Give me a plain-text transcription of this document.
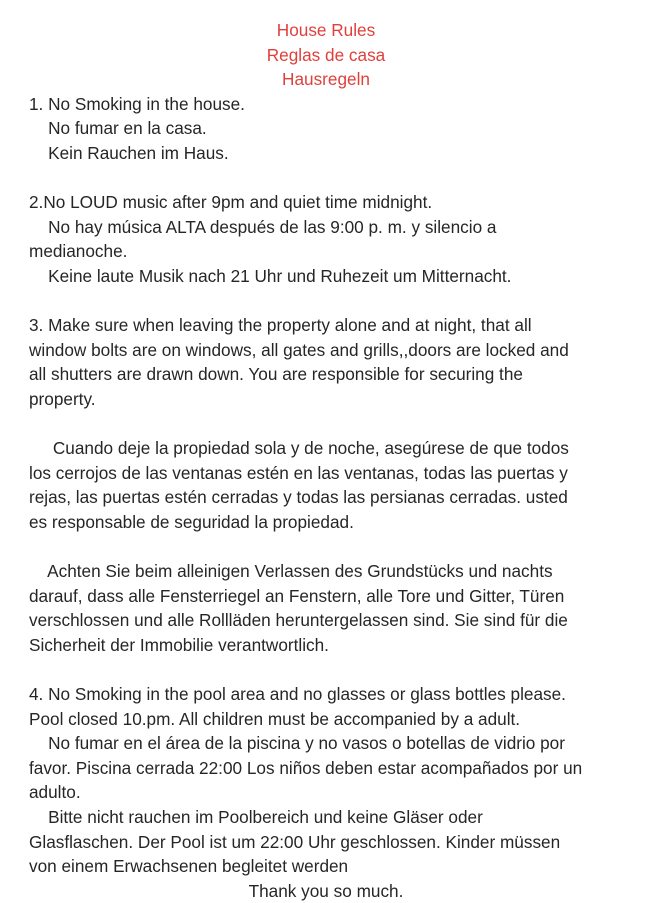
House Rules
Reglas de casa
Hausregeln
1. No Smoking in the house.
No fumar en la casa.
Kein Rauchen im Haus.
2.No LOUD music after 9pm and quiet time midnight.
No hay música ALTA después de las 9:00 p. m. y silencio a
medianoche.
Keine laute Musik nach 21 Uhr und Ruhezeit um Mitternacht.
3. Make sure when leaving the property alone and at night, that all
window bolts are on windows, all gates and grills,,doors are locked and
all shutters are drawn down. You are responsible for securing the
property.
Cuando deje la propiedad sola y de noche, asegúrese de que todos
los cerrojos de las ventanas estén en las ventanas, todas las puertas y
rejas, las puertas estén cerradas y todas las persianas cerradas. usted
es responsable de seguridad la propiedad.
Achten Sie beim alleinigen Verlassen des Grundstücks und nachts
darauf, dass alle Fensterriegel an Fenstern, alle Tore und Gitter, Türen
verschlossen und alle Rollläden heruntergelassen sind. Sie sind für die
Sicherheit der Immobilie verantwortlich.
4. No Smoking in the pool area and no glasses or glass bottles please.
Pool closed 10.pm. All children must be accompanied by a adult.
No fumar en el área de la piscina y no vasos o botellas de vidrio por
favor. Piscina cerrada 22:00 Los niños deben estar acompañados por un
adulto.
Bitte nicht rauchen im Poolbereich und keine Gläser oder
Glasflaschen. Der Pool ist um 22:00 Uhr geschlossen. Kinder müssen
von einem Erwachsenen begleitet werden
Thank you so much.
